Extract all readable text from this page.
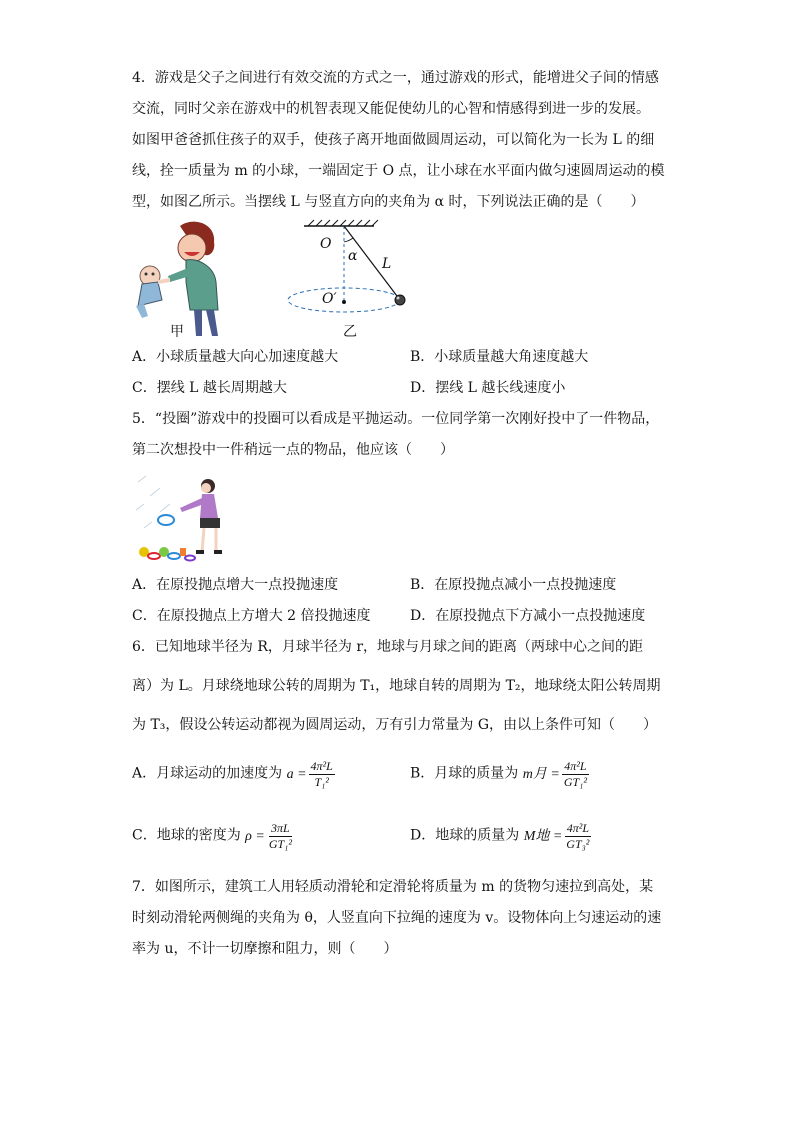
4．游戏是父子之间进行有效交流的方式之一，通过游戏的形式，能增进父子间的情感
交流，同时父亲在游戏中的机智表现又能促使幼儿的心智和情感得到进一步的发展。
如图甲爸爸抓住孩子的双手，使孩子离开地面做圆周运动，可以简化为一长为 L 的细
线，拴一质量为 m 的小球，一端固定于 O 点，让小球在水平面内做匀速圆周运动的模
型，如图乙所示。当摆线 L 与竖直方向的夹角为 α 时，下列说法正确的是（　　）
甲
O
α L
O′
乙
A．小球质量越大向心加速度越大	B．小球质量越大角速度越大
C．摆线 L 越长周期越大	D．摆线 L 越长线速度小
5．“投圈”游戏中的投圈可以看成是平抛运动。一位同学第一次刚好投中了一件物品，
第二次想投中一件稍远一点的物品，他应该（　　）
A．在原投抛点增大一点投抛速度	B．在原投抛点减小一点投抛速度
C．在原投抛点上方增大 2 倍投抛速度	D．在原投抛点下方减小一点投抛速度
6．已知地球半径为 R，月球半径为 r，地球与月球之间的距离（两球中心之间的距
离）为 L。月球绕地球公转的周期为 T₁，地球自转的周期为 T₂，地球绕太阳公转周期
为 T₃，假设公转运动都视为圆周运动，万有引力常量为 G，由以上条件可知（　　）
A．月球运动的加速度为 $a = \frac{\text{4π²L}}{\text{T₁²}}$	B．月球的质量为 m月 = $\frac{\text{4π²L}}{\text{GT₁²}}$
C．地球的密度为 $\rho = \frac{3\pi L}{\text{GT₁²}}$	D．地球的质量为 M地 = $\frac{\text{4π²L}}{\text{GT₃²}}$
7．如图所示，建筑工人用轻质动滑轮和定滑轮将质量为 m 的货物匀速拉到高处，某
时刻动滑轮两侧绳的夹角为 θ，人竖直向下拉绳的速度为 v。设物体向上匀速运动的速
率为 u，不计一切摩擦和阻力，则（　　）
